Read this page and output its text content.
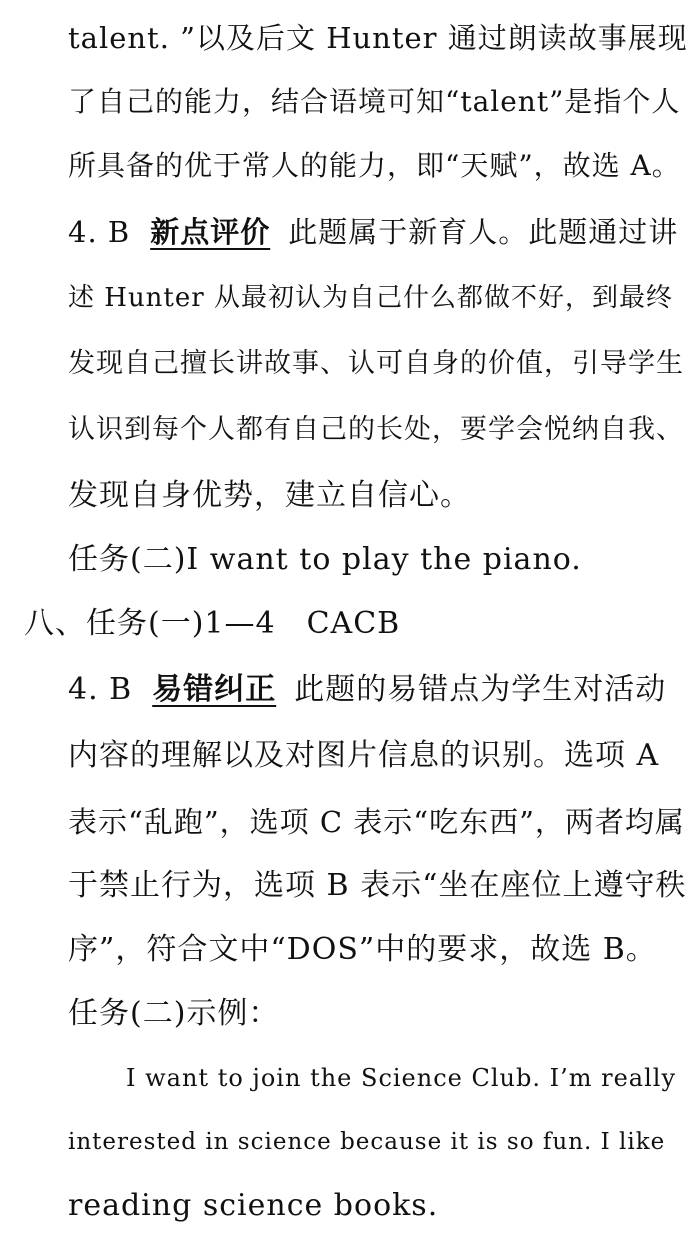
talent. ”以及后文 Hunter 通过朗读故事展现
了自己的能力，结合语境可知“talent”是指个人
所具备的优于常人的能力，即“天赋”，故选 A。
4. B 新点评价 此题属于新育人。此题通过讲
述 Hunter 从最初认为自己什么都做不好，到最终
发现自己擅长讲故事、认可自身的价值，引导学生
认识到每个人都有自己的长处，要学会悦纳自我、
发现自身优势，建立自信心。
任务(二)I want to play the piano.
八、任务(一)1—4　CACB
4. B 易错纠正 此题的易错点为学生对活动
内容的理解以及对图片信息的识别。选项 A
表示“乱跑”，选项 C 表示“吃东西”，两者均属
于禁止行为，选项 B 表示“坐在座位上遵守秩
序”，符合文中“DOS”中的要求，故选 B。
任务(二)示例：
I want to join the Science Club. I’m really
interested in science because it is so fun. I like
reading science books.
